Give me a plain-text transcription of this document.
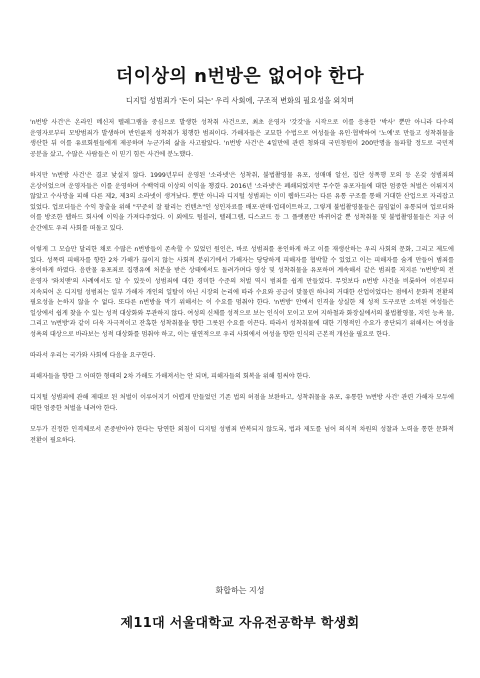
더이상의 n번방은 없어야 한다
디지털 성범죄가 '돈이 되는' 우리 사회에, 구조적 변화의 필요성을 외치며

'n번방 사건'은 온라인 메신저 텔레그램을 중심으로 발생한 성착취 사건으로, 최초 운영자 '갓갓'을 시작으로 이를 응용한 '박사' 뿐만 아니라 다수의 운영자로부터 모방범죄가 발생하며 반인륜적 성착취가 횡행한 범죄이다. 가해자들은 교묘한 수법으로 여성들을 유인·협박하여 '노예'로 만들고 성착취물을 생산한 뒤 이를 유료회원들에게 제공하며 누군가의 삶을 사고팔았다. 'n번방 사건'은 4일만에 관련 청와대 국민청원이 200만명을 돌파할 정도로 국민적 공분을 샀고, 수많은 사람들은 이 믿기 힘든 사건에 분노했다.

하지만 'n번방 사건'은 결코 낯설지 않다. 1999년부터 운영된 '소라넷'은 성착취, 불법촬영물 유포, 성매매 알선, 집단 성폭행 모의 등 온갖 성범죄의 온상이었으며 운영자들은 이를 운영하며 수백억대 이상의 이익을 챙겼다. 2016년 '소라넷'은 폐쇄되었지만 무수한 유포자들에 대한 엄중한 처벌은 이뤄지지 않았고 수사망을 피해 다른 제2, 제3의 소라넷이 생겨났다. 뿐만 아니라 디지털 성범죄는 이미 웹하드라는 다른 유통 구조를 통해 거대한 산업으로 자리잡고 있었다. 업로더들은 수익 창출을 위해 "꾸준히 잘 팔리는 컨텐츠"인 성인자료를 배포·판매·업데이트하고, 그렇게 불법촬영물들은 끊임없이 유통되며 업로더와 이를 방조한 웹하드 회사에 이익을 가져다주었다. 이 외에도 텀블러, 텔레그램, 디스코드 등 그 플랫폼만 바뀌어갈 뿐 성착취물 및 불법촬영물들은 지금 이 순간에도 우리 사회를 떠돌고 있다.

이렇게 그 모습만 달리한 채로 수많은 n번방들이 존속할 수 있었던 원인은, 바로 성범죄를 용인하게 하고 이를 재생산하는 우리 사회의 문화, 그리고 제도에 있다. 성폭력 피해자를 향한 2차 가해가 끊이지 않는 사회적 분위기에서 가해자는 당당하게 피해자를 협박할 수 있었고 이는 피해자를 숨게 만들어 범죄를 용이하게 하였다. 음란물 유포죄로 집행유예 처분을 받은 상태에서도 돌려가며다 영상 및 성착취물을 유포하며 계속해서 같은 범죄를 저지른 'n번방'의 전 운영자 '와치맨'의 사례에서도 알 수 있듯이 성범죄에 대한 경미한 수준의 처벌 역시 범죄를 쉽게 만들었다. 무엇보다 n번방 사건을 비롯하여 이전부터 지속되어 온 디지털 성범죄는 일부 가해자 개인의 일탈이 아닌 시장의 논리에 따라 수요와 공급이 맞물린 하나의 거대한 산업이었다는 점에서 문화적 전환의 필요성을 논하지 않을 수 없다. 또다른 n번방을 막기 위해서는 이 수요를 멈춰야 한다. 'n번방' 안에서 인격을 상실한 채 성적 도구로만 소비된 여성들은 일상에서 쉽게 찾을 수 있는 성적 대상화와 무관하지 않다. 여성의 신체를 성적으로 보는 인식이 모이고 모여 지하철과 화장실에서의 불법촬영물, 지인 능욕 물, 그리고 'n번방'과 같이 더욱 자극적이고 잔혹한 성착취물을 향한 그릇된 수요를 이끈다. 따라서 성착취물에 대한 기형적인 수요가 중단되기 위해서는 여성을 성욕의 대상으로 바라보는 성적 대상화를 멈춰야 하고, 이는 필연적으로 우리 사회에서 여성을 향한 인식의 근본적 개선을 필요로 한다.

따라서 우리는 국가와 사회에 다음을 요구한다.

피해자들을 향한 그 어떠한 형태의 2차 가해도 가해져서는 안 되며, 피해자들의 회복을 위해 힘써야 한다.

디지털 성범죄에 관해 제대로 된 처벌이 이루어지기 어렵게 만들었던 기존 법의 허점을 보완하고, 성착취물을 유포, 유통한 'n번방 사건' 관련 가해자 모두에 대한 엄중한 처벌을 내려야 한다.

모두가 진정한 인격체로서 존중받아야 한다는 당연한 외침이 디지털 성범죄 반복되지 않도록, 법과 제도를 넘어 의식적 차원의 성찰과 노력을 통한 문화적 전환이 필요하다.

화합하는 지성
제11대 서울대학교 자유전공학부 학생회
